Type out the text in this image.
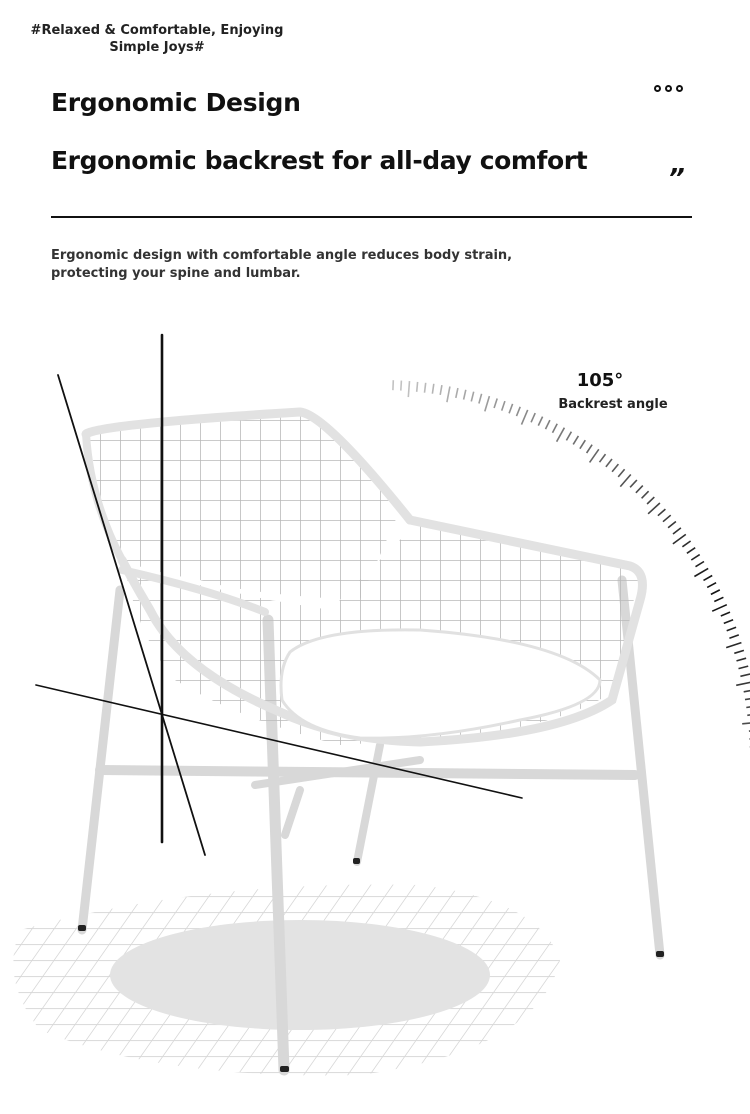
#Relaxed & Comfortable, Enjoying Simple Joys#
Ergonomic Design
Ergonomic backrest for all-day comfort
”
Ergonomic design with comfortable angle reduces body strain, protecting your spine and lumbar.
105°
Backrest angle
